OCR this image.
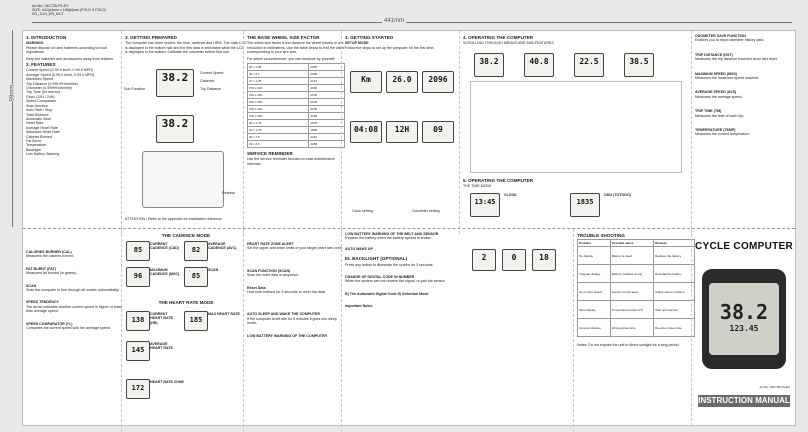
Art.No.: MC735-FS-EX
SIZE: 441(w)mm x 198(h)mm (FOLD X FOLD)
SG_1124_EN_MCT
441mm
99mm
1. INTRODUCTION
WARNING
Please dispose of used batteries according to local regulations.
Keep the batteries and accessories away from children.
2. FEATURES
Current Speed (0-99.9 km/h, 0-99.9 MPH)
Average Speed (0-99.9 km/h, 0-99.9 MPH)
Maximum Speed
Trip Distance (0-999.99 km/mile)
Odometer (0-99999 km/mile)
Trip Time (hh:mm:ss)
Clock (12H / 24H)
Speed Comparator
Scan function
Auto Start / Stop
Total Distance
Automatic Save
Heart Rate
Average Heart Rate
Maximum Heart Rate
Calories Burned
Fat Burnt
Temperature
Backlight
Low Battery Warning
3. GETTING PREPARED
The computer has three modes: the time, cadence and HRM. The main LCD is displayed in the bottom half and the few data is selectable while the LCD is displayed in the bottom. Calibrate the odometer before first use.
38.2	Current Speed
Cadence
Trip Distance
Sub Function
38.2
Release
ATTENTION ! Refer to the appendix for installation reference
THE BASE WHEEL SIZE FACTOR
The wheel size factor is the distance the wheel travels in one revolution in millimetres. Use the table below to find the value corresponding to your tyre size.
For wheel circumference, you can measure by yourself.
26 x 1.95	2050
26 x 2.1	2068
27 x 1.25	2161
700 x 23C	2096
700 x 25C	2105
700 x 28C	2136
700 x 32C	2155
700 x 38C	2180
20 x 1.75	1515
24 x 1.75	1890
26 x 1.5	2010
29 x 2.1	2288
SERVICE REMINDER
Use the service reminder function to track maintenance intervals.
3. GETTING STARTED
SETUP MODE
Follow the steps to set up the computer for the first time.
Km	26.0	2096
04:08	12H	09
Clock setting	Odometer setting
4. OPERATING THE COMPUTER
SCROLLING THROUGH MENUS AND SUB-FEATURES
38.2	40.8	22.5	38.5
5. OPERATING THE COMPUTER
THE TIME MODE
13:45
CLOCK
1835
ODO (TOTODO)
ODOMETER SAVE FUNCTION
Enables you to input odometer history data.
TRIP DISTANCE (DST)
Measures the trip distance travelled since last reset.
MAXIMUM SPEED (MXS)
Measures the maximum speed reached.
AVERAGE SPEED (AVS)
Measures the average speed.
TRIP TIME (TM)
Measures the time of each trip.
TEMPERATURE (TEMP)
Measures the current temperature.
CALORIES BURNED (CAL)
Measures the calories burned.
FAT BURNT (FAT)
Measures fat burned (in grams).
SCAN
Scan the computer in turn through all modes automatically.
SPEED TENDENCY
The arrow indicates whether current speed is higher or lower than average speed.
SPEED COMPARATOR (+/-)
Compares the current speed with the average speed.
THE CADENCE MODE
85
CURRENT CADENCE (CAD)	82
AVERAGE CADENCE (AVC)
96
MAXIMUM CADENCE (MXC)	85
SCAN
THE HEART RATE MODE
138
CURRENT HEART RATE (HR)	185
MAX HEART RATE
145
AVERAGE HEART RATE
172
HEART RATE ZONE
HEART RATE ZONE ALERT
Set the upper and lower limits of your target heart rate zone.
SCAN FUNCTION (SCAN)
Scan the main data in sequence.
Reset Data
Hold both buttons for 3 seconds to reset trip data.
AUTO SLEEP AND WAKE THE COMPUTER
If the computer is left idle for 5 minutes it goes into sleep mode.
LOW BATTERY WARNING OF THE COMPUTER
LOW BATTERY WARNING OF THE BELT AND SENSOR
Replace the battery when the battery symbol is shown.
AUTO WAKE UP
EL BACKLIGHT (OPTIONAL)
Press any button to illuminate the screen for 3 seconds.
CHANGE OF DIGITAL CODE IN NUMBER
When the system can not receive the signal, re-pair the sensor.
B) The Automatic Digital Code ID Selection Mode
Important Notes
2	0	18
TROUBLE SHOOTING
Problem	Possible cause	Remedy
No display	Battery is dead	Replace the battery
Irregular display	Battery installed wrong	Reinstall the battery
No current speed	Sensor too far away	Adjust sensor position
Slow display	Temperature below 0°C	Wait until warmer
Incorrect display	Wrong wheel size	Re-enter wheel size
Notes: Do not expose the unit to direct sunlight for a long period.
CYCLE COMPUTER
38.2
123.45
INSTRUCTION MANUAL
Art.No.: MC735-FS-EX
